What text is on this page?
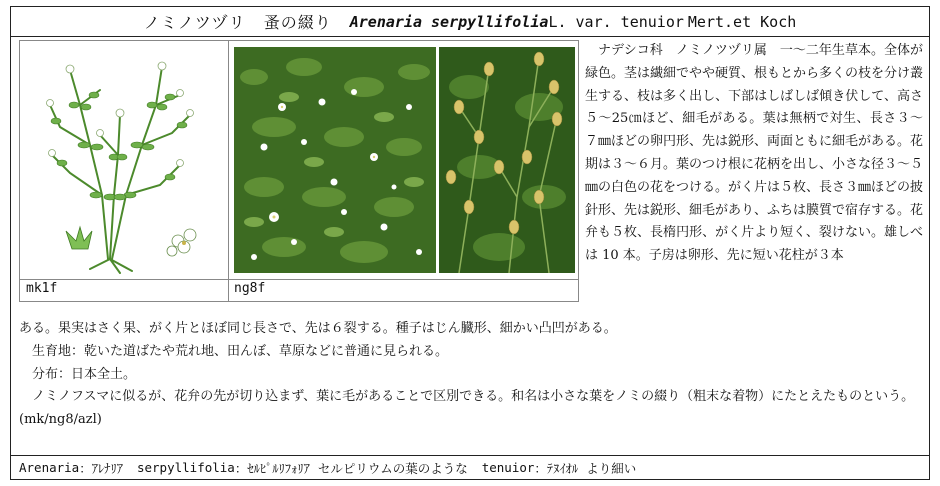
ノミノツヅリ 蚤の綴り Arenaria serpyllifolia L. var. tenuior Mert.et Koch
mk1f	ng8f

　ナデシコ科　ノミノツヅリ属　一～二年生草本。全体が緑色。茎は繊細でやや硬質、根もとから多くの枝を分け叢生する、枝は多く出し、下部はしばしば傾き伏して、高さ５～25㎝ほど、細毛がある。葉は無柄で対生、長さ３～７㎜ほどの卵円形、先は鋭形、両面ともに細毛がある。花期は３～６月。葉のつけ根に花柄を出し、小さな径３～５㎜の白色の花をつける。がく片は５枚、長さ３㎜ほどの披針形、先は鋭形、細毛があり、ふちは膜質で宿存する。花弁も５枚、長楕円形、がく片より短く、裂けない。雄しべは 10 本。子房は卵形、先に短い花柱が３本

ある。果実はさく果、がく片とほぼ同じ長さで、先は６裂する。種子はじん臓形、細かい凸凹がある。

　生育地：乾いた道ばたや荒れ地、田んぼ、草原などに普通に見られる。

　分布：日本全土。

　ノミノフスマに似るが、花弁の先が切り込まず、葉に毛があることで区別できる。和名は小さな葉をノミの綴り（粗末な着物）にたとえたものという。　(mk/ng8/azl)

Arenaria ：ｱﾚﾅﾘｱ serpyllifolia ：ｾﾙﾋﾟﾙﾘﾌｫﾘｱ セルピリウムの葉のような tenuior ：ﾃﾇｲｵﾙ より細い
